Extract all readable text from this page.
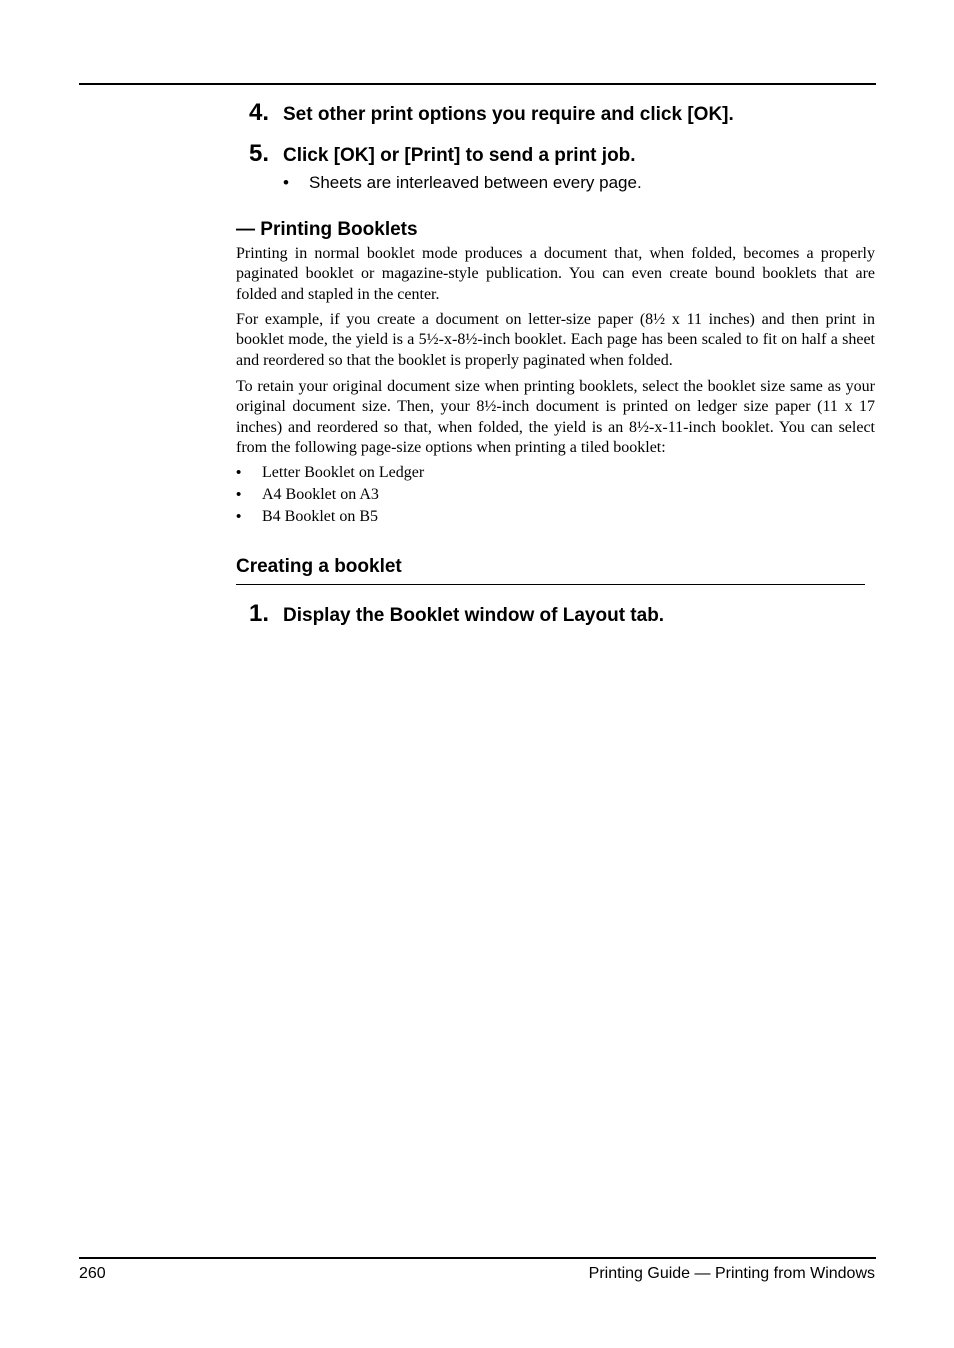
4. Set other print options you require and click [OK].
5. Click [OK] or [Print] to send a print job.
•	Sheets are interleaved between every page.
— Printing Booklets

Printing in normal booklet mode produces a document that, when folded, becomes a properly paginated booklet or magazine-style publication. You can even create bound booklets that are folded and stapled in the center.

For example, if you create a document on letter-size paper (8½ x 11 inches) and then print in booklet mode, the yield is a 5½-x-8½-inch booklet. Each page has been scaled to fit on half a sheet and reordered so that the booklet is properly paginated when folded.

To retain your original document size when printing booklets, select the booklet size same as your original document size. Then, your 8½-inch document is printed on ledger size paper (11 x 17 inches) and reordered so that, when folded, the yield is an 8½-x-11-inch booklet. You can select from the following page-size options when printing a tiled booklet:

•	Letter Booklet on Ledger
•	A4 Booklet on A3
•	B4 Booklet on B5
Creating a booklet
1. Display the Booklet window of Layout tab.
260	Printing Guide — Printing from Windows
